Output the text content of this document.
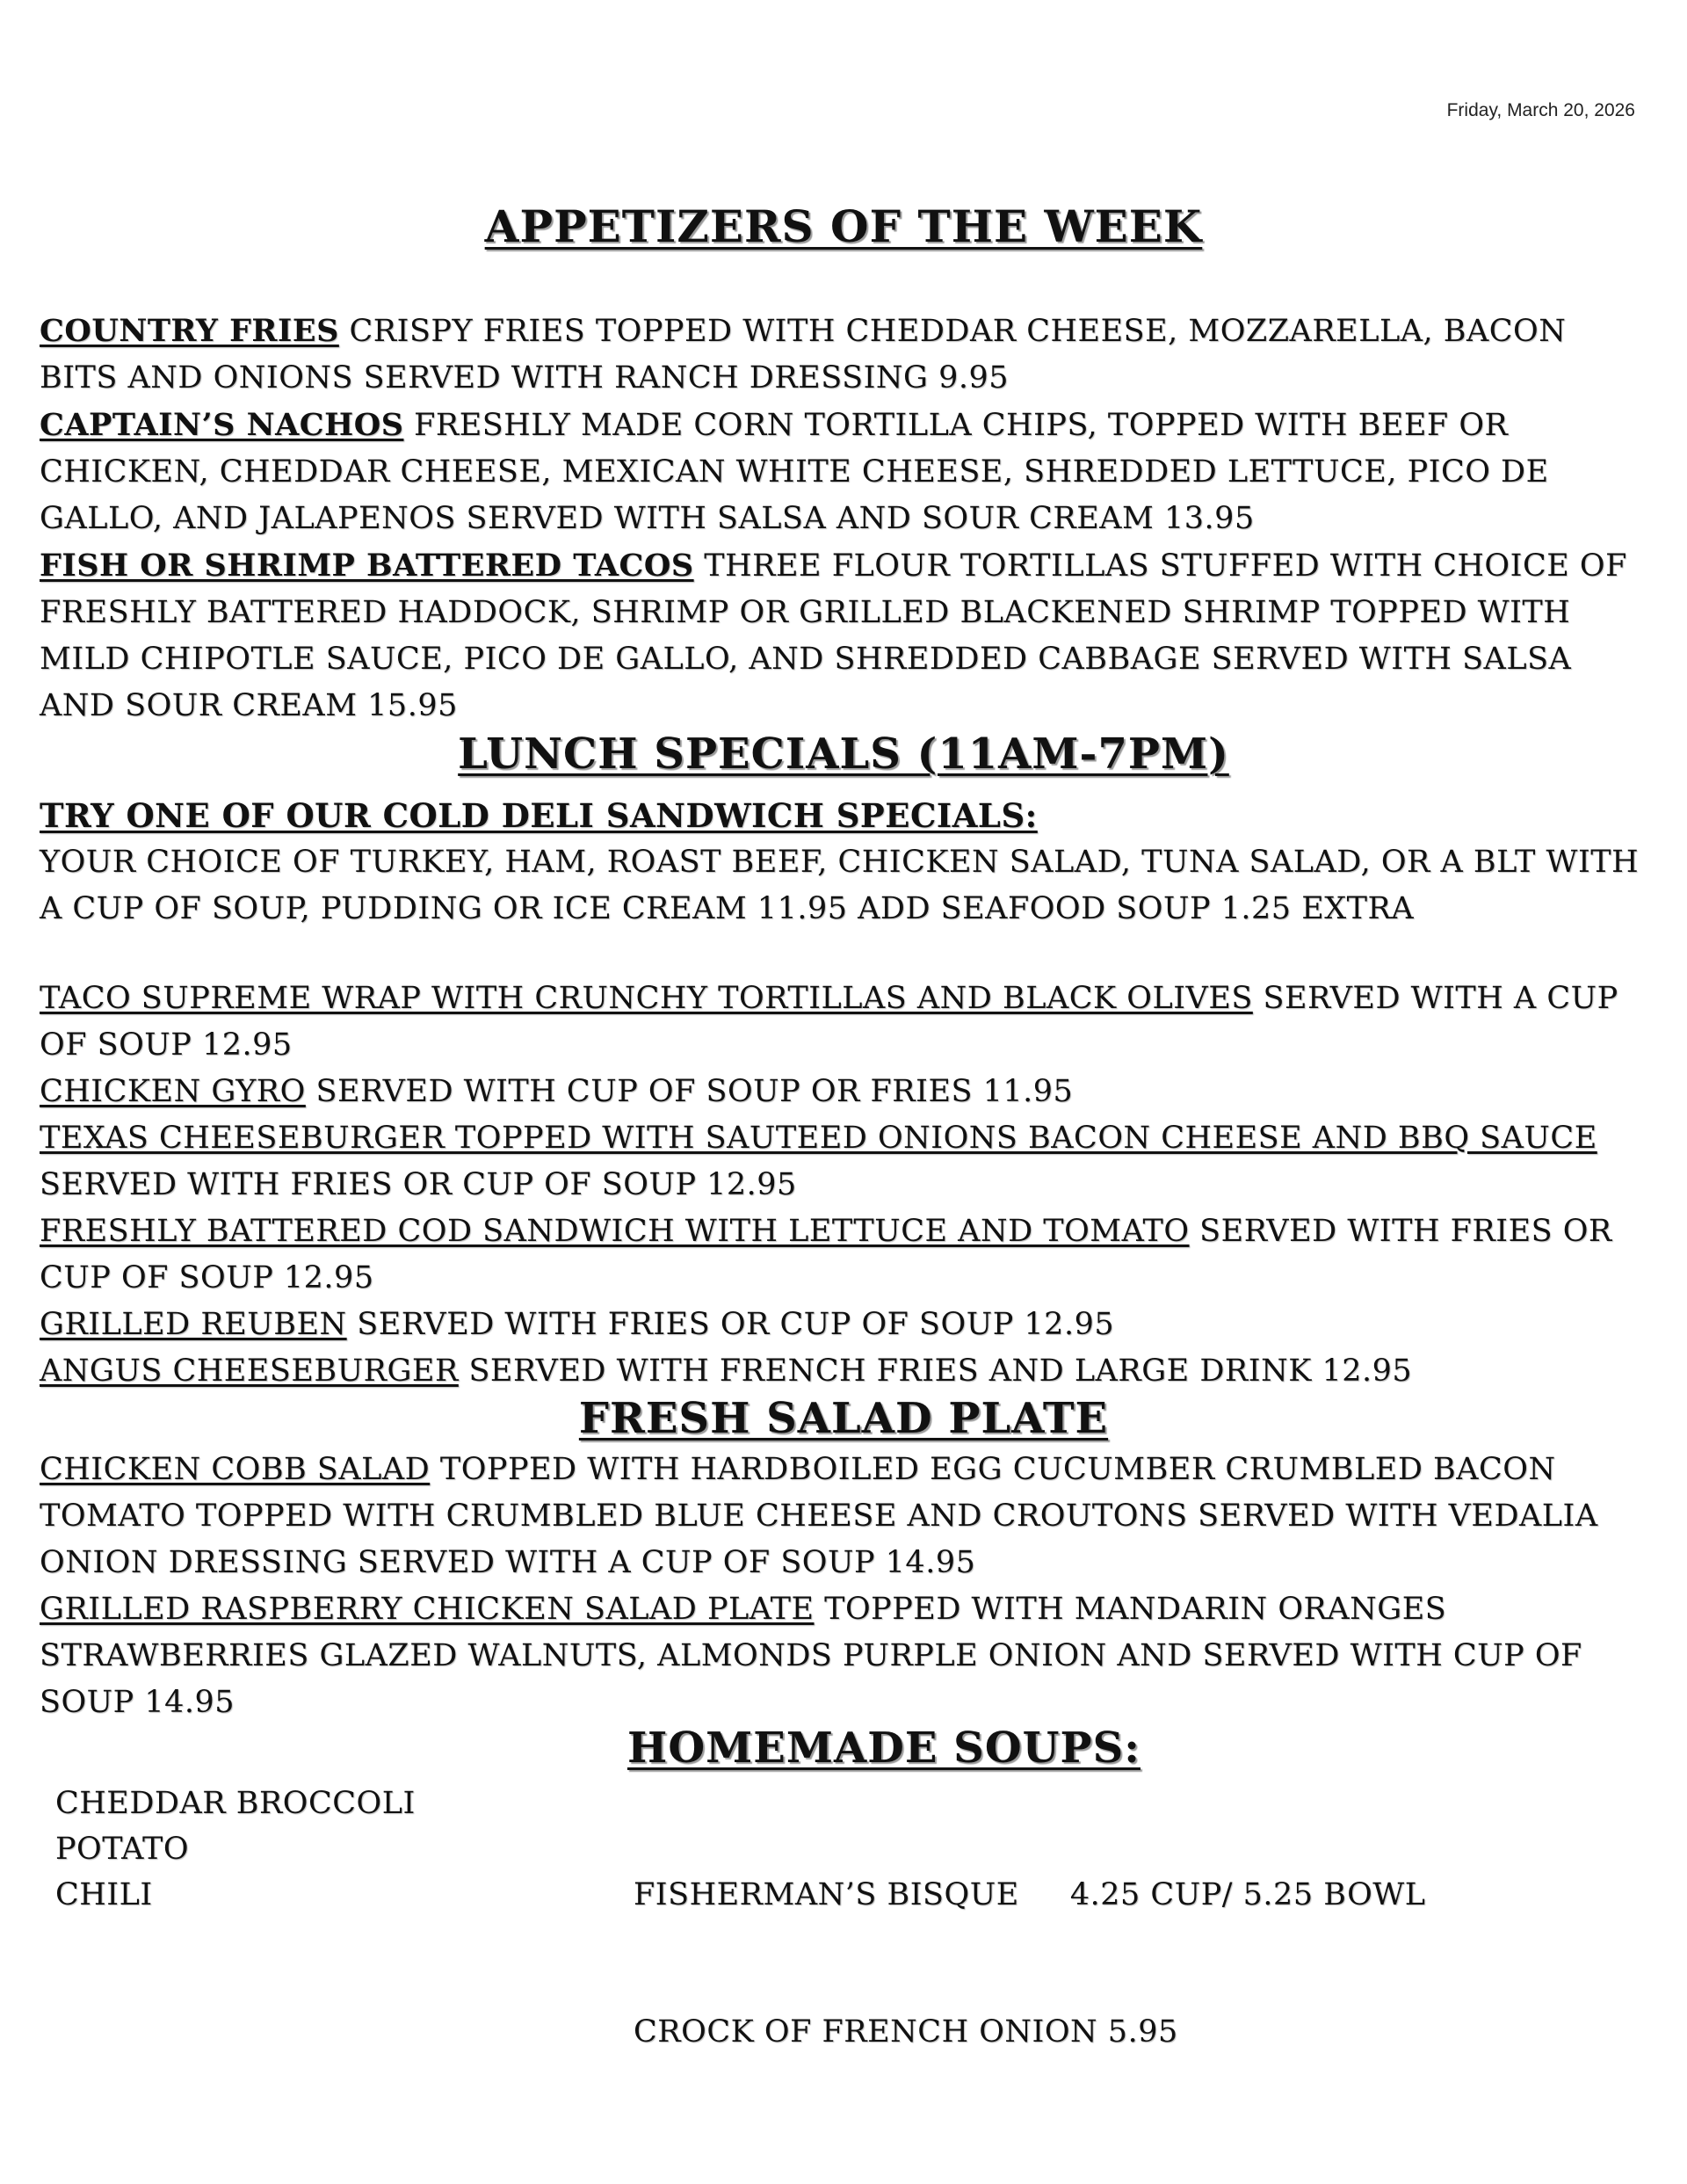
Friday, March 20, 2026
APPETIZERS OF THE WEEK

COUNTRY FRIES CRISPY FRIES TOPPED WITH CHEDDAR CHEESE, MOZZARELLA, BACON BITS AND ONIONS SERVED WITH RANCH DRESSING 9.95

CAPTAIN’S NACHOS FRESHLY MADE CORN TORTILLA CHIPS, TOPPED WITH BEEF OR CHICKEN, CHEDDAR CHEESE, MEXICAN WHITE CHEESE, SHREDDED LETTUCE, PICO DE GALLO, AND JALAPENOS SERVED WITH SALSA AND SOUR CREAM 13.95

FISH OR SHRIMP BATTERED TACOS THREE FLOUR TORTILLAS STUFFED WITH CHOICE OF FRESHLY BATTERED HADDOCK, SHRIMP OR GRILLED BLACKENED SHRIMP TOPPED WITH MILD CHIPOTLE SAUCE, PICO DE GALLO, AND SHREDDED CABBAGE SERVED WITH SALSA AND SOUR CREAM 15.95

LUNCH SPECIALS (11AM-7PM)

TRY ONE OF OUR COLD DELI SANDWICH SPECIALS:

YOUR CHOICE OF TURKEY, HAM, ROAST BEEF, CHICKEN SALAD, TUNA SALAD, OR A BLT WITH A CUP OF SOUP, PUDDING OR ICE CREAM 11.95 ADD SEAFOOD SOUP 1.25 EXTRA

TACO SUPREME WRAP WITH CRUNCHY TORTILLAS AND BLACK OLIVES SERVED WITH A CUP OF SOUP 12.95

CHICKEN GYRO SERVED WITH CUP OF SOUP OR FRIES 11.95

TEXAS CHEESEBURGER TOPPED WITH SAUTEED ONIONS BACON CHEESE AND BBQ SAUCE SERVED WITH FRIES OR CUP OF SOUP 12.95

FRESHLY BATTERED COD SANDWICH WITH LETTUCE AND TOMATO SERVED WITH FRIES OR CUP OF SOUP 12.95

GRILLED REUBEN SERVED WITH FRIES OR CUP OF SOUP 12.95

ANGUS CHEESEBURGER SERVED WITH FRENCH FRIES AND LARGE DRINK 12.95

FRESH SALAD PLATE

CHICKEN COBB SALAD TOPPED WITH HARDBOILED EGG CUCUMBER CRUMBLED BACON TOMATO TOPPED WITH CRUMBLED BLUE CHEESE AND CROUTONS SERVED WITH VEDALIA ONION DRESSING SERVED WITH A CUP OF SOUP 14.95

GRILLED RASPBERRY CHICKEN SALAD PLATE TOPPED WITH MANDARIN ORANGES STRAWBERRIES GLAZED WALNUTS, ALMONDS PURPLE ONION AND SERVED WITH CUP OF SOUP 14.95

HOMEMADE SOUPS:
CHEDDAR BROCCOLI
POTATO
CHILI

	FISHERMAN’S BISQUE     4.25 CUP/ 5.25 BOWL

CROCK OF FRENCH ONION 5.95
